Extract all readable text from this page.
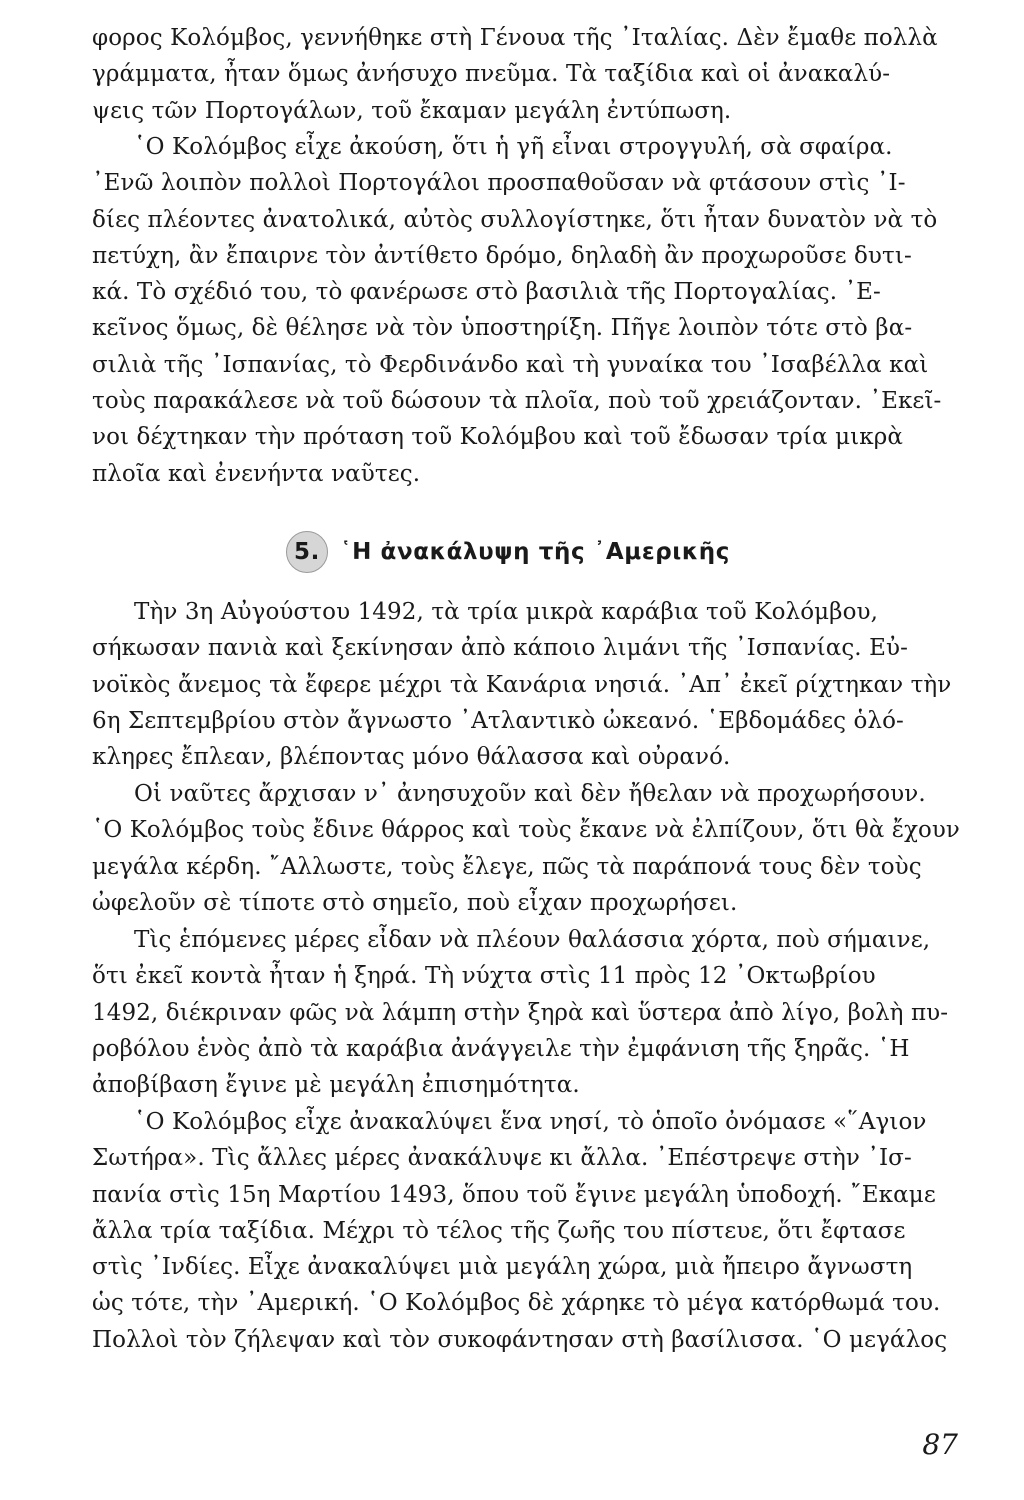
φορος Κολόμβος, γεννήθηκε στὴ Γένουα τῆς ᾿Ιταλίας. Δὲν ἔμαθε πολλὰ
γράμματα, ἦταν ὅμως ἀνήσυχο πνεῦμα. Τὰ ταξίδια καὶ οἱ ἀνακαλύ-
ψεις τῶν Πορτογάλων, τοῦ ἔκαμαν μεγάλη ἐντύπωση.
῾Ο Κολόμβος εἶχε ἀκούση, ὅτι ἡ γῆ εἶναι στρογγυλή, σὰ σφαίρα.
᾿Ενῶ λοιπὸν πολλοὶ Πορτογάλοι προσπαθοῦσαν νὰ φτάσουν στὶς ᾿Ι-
δίες πλέοντες ἀνατολικά, αὐτὸς συλλογίστηκε, ὅτι ἦταν δυνατὸν νὰ τὸ
πετύχη, ἂν ἔπαιρνε τὸν ἀντίθετο δρόμο, δηλαδὴ ἂν προχωροῦσε δυτι-
κά. Τὸ σχέδιό του, τὸ φανέρωσε στὸ βασιλιὰ τῆς Πορτογαλίας. ᾿Ε-
κεῖνος ὅμως, δὲ θέλησε νὰ τὸν ὑποστηρίξη. Πῆγε λοιπὸν τότε στὸ βα-
σιλιὰ τῆς ᾿Ισπανίας, τὸ Φερδινάνδο καὶ τὴ γυναίκα του ᾿Ισαβέλλα καὶ
τοὺς παρακάλεσε νὰ τοῦ δώσουν τὰ πλοῖα, ποὺ τοῦ χρειάζονταν. ᾿Εκεῖ-
νοι δέχτηκαν τὴν πρόταση τοῦ Κολόμβου καὶ τοῦ ἔδωσαν τρία μικρὰ
πλοῖα καὶ ἐνενήντα ναῦτες.
5. ῾Η ἀνακάλυψη τῆς ᾿Αμερικῆς
Τὴν 3η Αὐγούστου 1492, τὰ τρία μικρὰ καράβια τοῦ Κολόμβου,
σήκωσαν πανιὰ καὶ ξεκίνησαν ἀπὸ κάποιο λιμάνι τῆς ᾿Ισπανίας. Εὐ-
νοϊκὸς ἄνεμος τὰ ἔφερε μέχρι τὰ Κανάρια νησιά. ᾿Απ᾿ ἐκεῖ ρίχτηκαν τὴν
6η Σεπτεμβρίου στὸν ἄγνωστο ᾿Ατλαντικὸ ὠκεανό. ῾Εβδομάδες ὁλό-
κληρες ἔπλεαν, βλέποντας μόνο θάλασσα καὶ οὐρανό.
Οἱ ναῦτες ἄρχισαν ν᾿ ἀνησυχοῦν καὶ δὲν ἤθελαν νὰ προχωρήσουν.
῾Ο Κολόμβος τοὺς ἔδινε θάρρος καὶ τοὺς ἔκανε νὰ ἐλπίζουν, ὅτι θὰ ἔχουν
μεγάλα κέρδη. ῎Αλλωστε, τοὺς ἔλεγε, πῶς τὰ παράπονά τους δὲν τοὺς
ὠφελοῦν σὲ τίποτε στὸ σημεῖο, ποὺ εἶχαν προχωρήσει.
Τὶς ἑπόμενες μέρες εἶδαν νὰ πλέουν θαλάσσια χόρτα, ποὺ σήμαινε,
ὅτι ἐκεῖ κοντὰ ἦταν ἡ ξηρά. Τὴ νύχτα στὶς 11 πρὸς 12 ᾿Οκτωβρίου
1492, διέκριναν φῶς νὰ λάμπη στὴν ξηρὰ καὶ ὕστερα ἀπὸ λίγο, βολὴ πυ-
ροβόλου ἑνὸς ἀπὸ τὰ καράβια ἀνάγγειλε τὴν ἐμφάνιση τῆς ξηρᾶς. ῾Η
ἀποβίβαση ἔγινε μὲ μεγάλη ἐπισημότητα.
῾Ο Κολόμβος εἶχε ἀνακαλύψει ἕνα νησί, τὸ ὁποῖο ὀνόμασε «῞Αγιον
Σωτήρα». Τὶς ἄλλες μέρες ἀνακάλυψε κι ἄλλα. ᾿Επέστρεψε στὴν ᾿Ισ-
πανία στὶς 15η Μαρτίου 1493, ὅπου τοῦ ἔγινε μεγάλη ὑποδοχή. ῎Εκαμε
ἄλλα τρία ταξίδια. Μέχρι τὸ τέλος τῆς ζωῆς του πίστευε, ὅτι ἔφτασε
στὶς ᾿Ινδίες. Εἶχε ἀνακαλύψει μιὰ μεγάλη χώρα, μιὰ ἤπειρο ἄγνωστη
ὡς τότε, τὴν ᾿Αμερική. ῾Ο Κολόμβος δὲ χάρηκε τὸ μέγα κατόρθωμά του.
Πολλοὶ τὸν ζήλεψαν καὶ τὸν συκοφάντησαν στὴ βασίλισσα. ῾Ο μεγάλος
87
